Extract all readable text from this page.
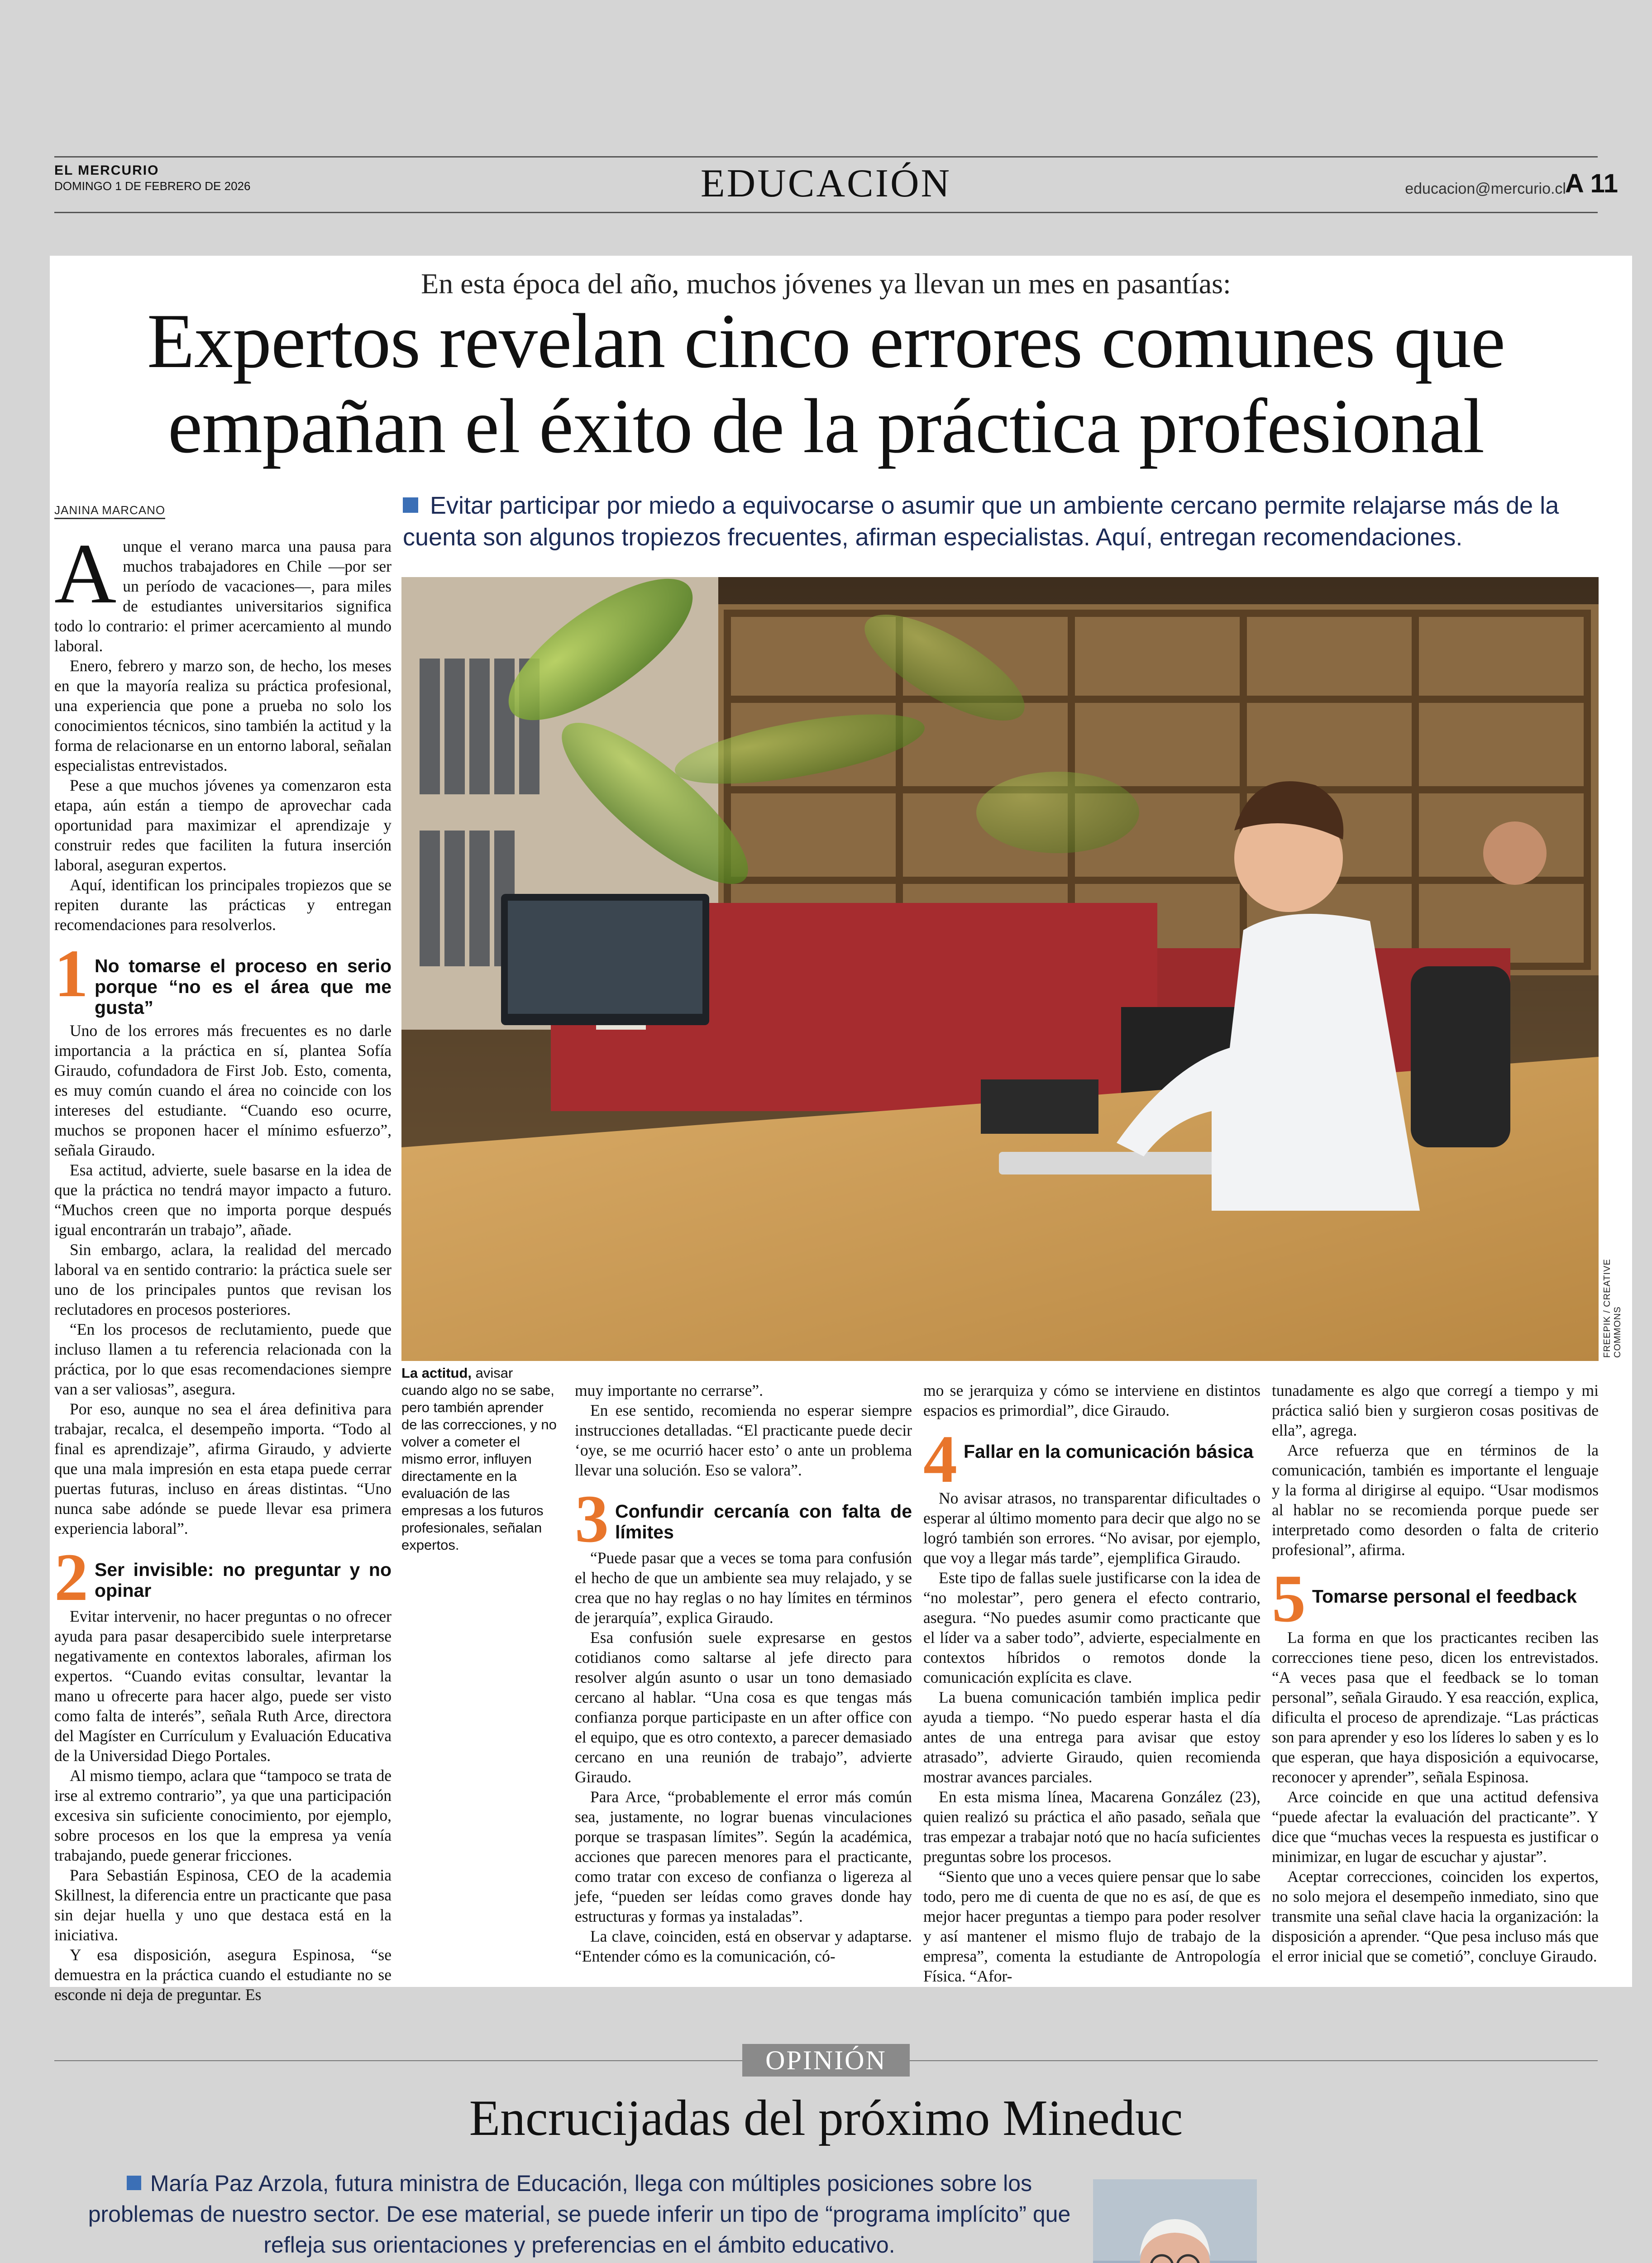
EL MERCURIO
DOMINGO 1 DE FEBRERO DE 2026	EDUCACIÓN	educacion@mercurio.cl
A 11
En esta época del año, muchos jóvenes ya llevan un mes en pasantías:
Expertos revelan cinco errores comunes que
empañan el éxito de la práctica profesional
JANINA MARCANO	Evitar participar por miedo a equivocarse o asumir que un ambiente cercano permite relajarse más de la cuenta son algunos tropiezos frecuentes, afirman especialistas. Aquí, entregan recomendaciones.

Aunque el verano marca una pausa para muchos trabajadores en Chile —por ser un período de vacaciones—, para miles de estudiantes universitarios significa todo lo contrario: el primer acercamiento al mundo laboral.

Enero, febrero y marzo son, de hecho, los meses en que la mayoría realiza su práctica profesional, una experiencia que pone a prueba no solo los conocimientos técnicos, sino también la actitud y la forma de relacionarse en un entorno laboral, señalan especialistas entrevistados.

Pese a que muchos jóvenes ya comenzaron esta etapa, aún están a tiempo de aprovechar cada oportunidad para maximizar el aprendizaje y construir redes que faciliten la futura inserción laboral, aseguran expertos.

Aquí, identifican los principales tropiezos que se repiten durante las prácticas y entregan recomendaciones para resolverlos.

1 No tomarse el proceso en serio porque “no es el área que me gusta”

Uno de los errores más frecuentes es no darle importancia a la práctica en sí, plantea Sofía Giraudo, cofundadora de First Job. Esto, comenta, es muy común cuando el área no coincide con los intereses del estudiante. “Cuando eso ocurre, muchos se proponen hacer el mínimo esfuerzo”, señala Giraudo.

Esa actitud, advierte, suele basarse en la idea de que la práctica no tendrá mayor impacto a futuro. “Muchos creen que no importa porque después igual encontrarán un trabajo”, añade.

Sin embargo, aclara, la realidad del mercado laboral va en sentido contrario: la práctica suele ser uno de los principales puntos que revisan los reclutadores en procesos posteriores.

“En los procesos de reclutamiento, puede que incluso llamen a tu referencia relacionada con la práctica, por lo que esas recomendaciones siempre van a ser valiosas”, asegura.

Por eso, aunque no sea el área definitiva para trabajar, recalca, el desempeño importa. “Todo al final es aprendizaje”, afirma Giraudo, y advierte que una mala impresión en esta etapa puede cerrar puertas futuras, incluso en áreas distintas. “Uno nunca sabe adónde se puede llevar esa primera experiencia laboral”.

2 Ser invisible: no preguntar y no opinar

Evitar intervenir, no hacer preguntas o no ofrecer ayuda para pasar desapercibido suele interpretarse negativamente en contextos laborales, afirman los expertos. “Cuando evitas consultar, levantar la mano u ofrecerte para hacer algo, puede ser visto como falta de interés”, señala Ruth Arce, directora del Magíster en Currículum y Evaluación Educativa de la Universidad Diego Portales.

Al mismo tiempo, aclara que “tampoco se trata de irse al extremo contrario”, ya que una participación excesiva sin suficiente conocimiento, por ejemplo, sobre procesos en los que la empresa ya venía trabajando, puede generar fricciones.

Para Sebastián Espinosa, CEO de la academia Skillnest, la diferencia entre un practicante que pasa sin dejar huella y uno que destaca está en la iniciativa.

Y esa disposición, asegura Espinosa, “se demuestra en la práctica cuando el estudiante no se esconde ni deja de preguntar. Es

FREEPIK / CREATIVE COMMONS
La actitud, avisar cuando algo no se sabe, pero también aprender de las correcciones, y no volver a cometer el mismo error, influyen directamente en la evaluación de las empresas a los futuros profesionales, señalan expertos.

muy importante no cerrarse”.

En ese sentido, recomienda no esperar siempre instrucciones detalladas. “El practicante puede decir ‘oye, se me ocurrió hacer esto’ o ante un problema llevar una solución. Eso se valora”.

3 Confundir cercanía con falta de límites

“Puede pasar que a veces se toma para confusión el hecho de que un ambiente sea muy relajado, y se crea que no hay reglas o no hay límites en términos de jerarquía”, explica Giraudo.

Esa confusión suele expresarse en gestos cotidianos como saltarse al jefe directo para resolver algún asunto o usar un tono demasiado cercano al hablar. “Una cosa es que tengas más confianza porque participaste en un after office con el equipo, que es otro contexto, a parecer demasiado cercano en una reunión de trabajo”, advierte Giraudo.

Para Arce, “probablemente el error más común sea, justamente, no lograr buenas vinculaciones porque se traspasan límites”. Según la académica, acciones que parecen menores para el practicante, como tratar con exceso de confianza o ligereza al jefe, “pueden ser leídas como graves donde hay estructuras y formas ya instaladas”.

La clave, coinciden, está en observar y adaptarse. “Entender cómo es la comunicación, có-

mo se jerarquiza y cómo se interviene en distintos espacios es primordial”, dice Giraudo.

4 Fallar en la comunicación básica

No avisar atrasos, no transparentar dificultades o esperar al último momento para decir que algo no se logró también son errores. “No avisar, por ejemplo, que voy a llegar más tarde”, ejemplifica Giraudo.

Este tipo de fallas suele justificarse con la idea de “no molestar”, pero genera el efecto contrario, asegura. “No puedes asumir como practicante que el líder va a saber todo”, advierte, especialmente en contextos híbridos o remotos donde la comunicación explícita es clave.

La buena comunicación también implica pedir ayuda a tiempo. “No puedo esperar hasta el día antes de una entrega para avisar que estoy atrasado”, advierte Giraudo, quien recomienda mostrar avances parciales.

En esta misma línea, Macarena González (23), quien realizó su práctica el año pasado, señala que tras empezar a trabajar notó que no hacía suficientes preguntas sobre los procesos.

“Siento que uno a veces quiere pensar que lo sabe todo, pero me di cuenta de que no es así, de que es mejor hacer preguntas a tiempo para poder resolver y así mantener el mismo flujo de trabajo de la empresa”, comenta la estudiante de Antropología Física. “Afor-

tunadamente es algo que corregí a tiempo y mi práctica salió bien y surgieron cosas positivas de ella”, agrega.

Arce refuerza que en términos de la comunicación, también es importante el lenguaje y la forma al dirigirse al equipo. “Usar modismos al hablar no se recomienda porque puede ser interpretado como desorden o falta de criterio profesional”, afirma.

5 Tomarse personal el feedback

La forma en que los practicantes reciben las correcciones tiene peso, dicen los entrevistados. “A veces pasa que el feedback se lo toman personal”, señala Giraudo. Y esa reacción, explica, dificulta el proceso de aprendizaje. “Las prácticas son para aprender y eso los líderes lo saben y es lo que esperan, que haya disposición a equivocarse, reconocer y aprender”, señala Espinosa.

Arce coincide en que una actitud defensiva “puede afectar la evaluación del practicante”. Y dice que “muchas veces la respuesta es justificar o minimizar, en lugar de escuchar y ajustar”.

Aceptar correcciones, coinciden los expertos, no solo mejora el desempeño inmediato, sino que transmite una señal clave hacia la organización: la disposición a aprender. “Que pesa incluso más que el error inicial que se cometió”, concluye Giraudo.

OPINIÓN
Encrucijadas del próximo Mineduc
María Paz Arzola, futura ministra de Educación, llega con múltiples posiciones sobre los problemas de nuestro sector. De ese material, se puede inferir un tipo de “programa implícito” que refleja sus orientaciones y preferencias en el ámbito educativo.
